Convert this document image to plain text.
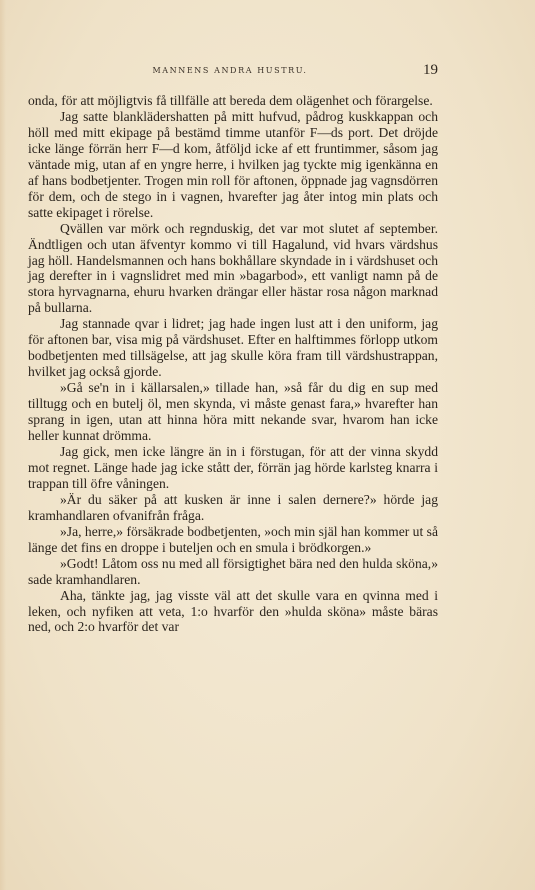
MANNENS ANDRA HUSTRU.	19

onda, för att möjligtvis få tillfälle att bereda dem olägenhet och förargelse.

Jag satte blanklädershatten på mitt hufvud, pådrog kuskkappan och höll med mitt ekipage på bestämd timme utanför F—ds port. Det dröjde icke länge förrän herr F—d kom, åtföljd icke af ett fruntimmer, såsom jag väntade mig, utan af en yngre herre, i hvilken jag tyckte mig igenkänna en af hans bodbetjenter. Trogen min roll för aftonen, öppnade jag vagnsdörren för dem, och de stego in i vagnen, hvarefter jag åter intog min plats och satte ekipaget i rörelse.

Qvällen var mörk och regnduskig, det var mot slutet af september. Ändtligen och utan äfventyr kommo vi till Hagalund, vid hvars värdshus jag höll. Handelsmannen och hans bokhållare skyndade in i värdshuset och jag derefter in i vagnslidret med min »bagarbod», ett vanligt namn på de stora hyrvagnarna, ehuru hvarken drängar eller hästar rosa någon marknad på bullarna.

Jag stannade qvar i lidret; jag hade ingen lust att i den uniform, jag för aftonen bar, visa mig på värdshuset. Efter en halftimmes förlopp utkom bodbetjenten med tillsägelse, att jag skulle köra fram till värdshustrappan, hvilket jag också gjorde.

»Gå se'n in i källarsalen,» tillade han, »så får du dig en sup med tilltugg och en butelj öl, men skynda, vi måste genast fara,» hvarefter han sprang in igen, utan att hinna höra mitt nekande svar, hvarom han icke heller kunnat drömma.

Jag gick, men icke längre än in i förstugan, för att der vinna skydd mot regnet. Länge hade jag icke stått der, förrän jag hörde karlsteg knarra i trappan till öfre våningen.

»Är du säker på att kusken är inne i salen dernere?» hörde jag kramhandlaren ofvanifrån fråga.

»Ja, herre,» försäkrade bodbetjenten, »och min själ han kommer ut så länge det fins en droppe i buteljen och en smula i brödkorgen.»

»Godt! Låtom oss nu med all försigtighet bära ned den hulda sköna,» sade kramhandlaren.

Aha, tänkte jag, jag visste väl att det skulle vara en qvinna med i leken, och nyfiken att veta, 1:o hvarför den »hulda sköna» måste bäras ned, och 2:o hvarför det var
